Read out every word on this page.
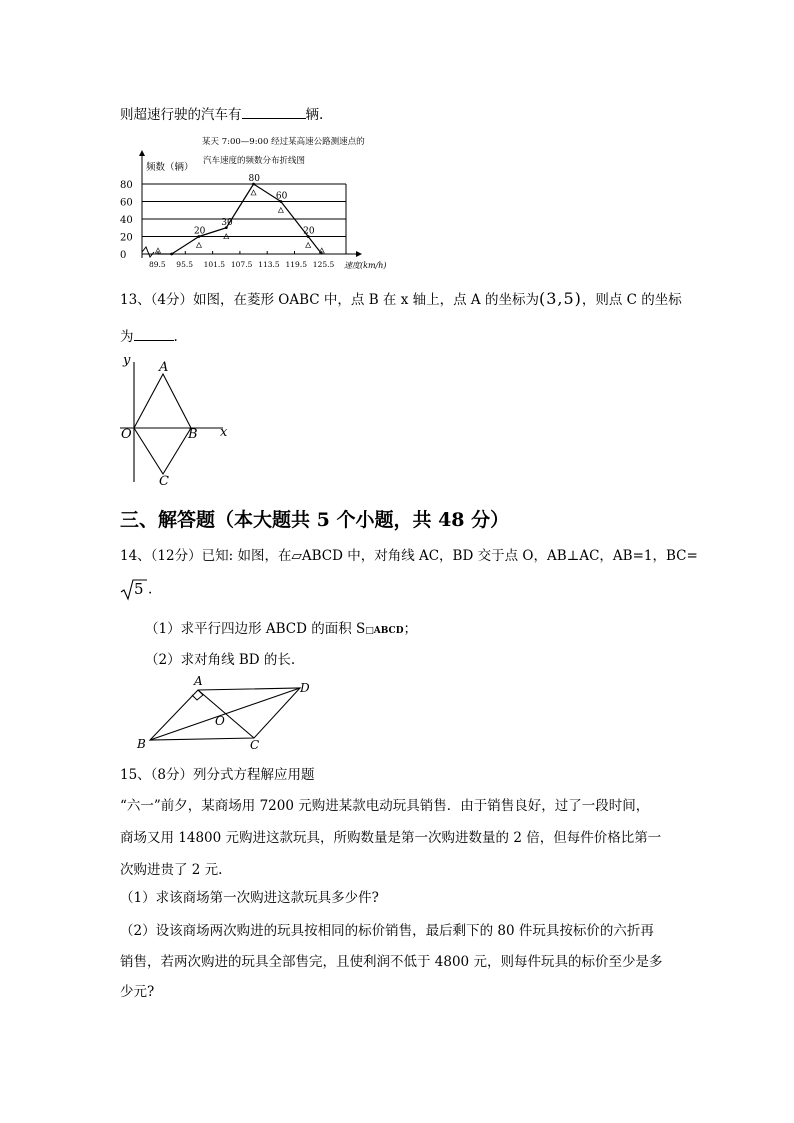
则超速行驶的汽车有	辆.
某天 7:00—9:00 经过某高速公路测速点的
汽车速度的频数分布折线图
频数（辆）
速度(km/h)
0
20
40
60
80
89.5 95.5 101.5 107.5 113.5 119.5 125.5
20
30
80
60
20
13、（4分）如图，在菱形 OABC 中，点 B 在 x 轴上，点 A 的坐标为(3,5)，则点 C 的坐标
为	.
y
x
A
O	B
C
三、解答题（本大题共 5 个小题，共 48 分）
14、（12分）已知: 如图，在▱ABCD 中，对角线 AC，BD 交于点 O，AB⊥AC，AB=1，BC=
5 .
（1）求平行四边形 ABCD 的面积 S□ABCD；
（2）求对角线 BD 的长.
A	D
O
B	C
15、（8分）列分式方程解应用题
“六一”前夕，某商场用 7200 元购进某款电动玩具销售．由于销售良好，过了一段时间，
商场又用 14800 元购进这款玩具，所购数量是第一次购进数量的 2 倍，但每件价格比第一
次购进贵了 2 元.
（1）求该商场第一次购进这款玩具多少件?
（2）设该商场两次购进的玩具按相同的标价销售，最后剩下的 80 件玩具按标价的六折再
销售，若两次购进的玩具全部售完，且使利润不低于 4800 元，则每件玩具的标价至少是多
少元?
